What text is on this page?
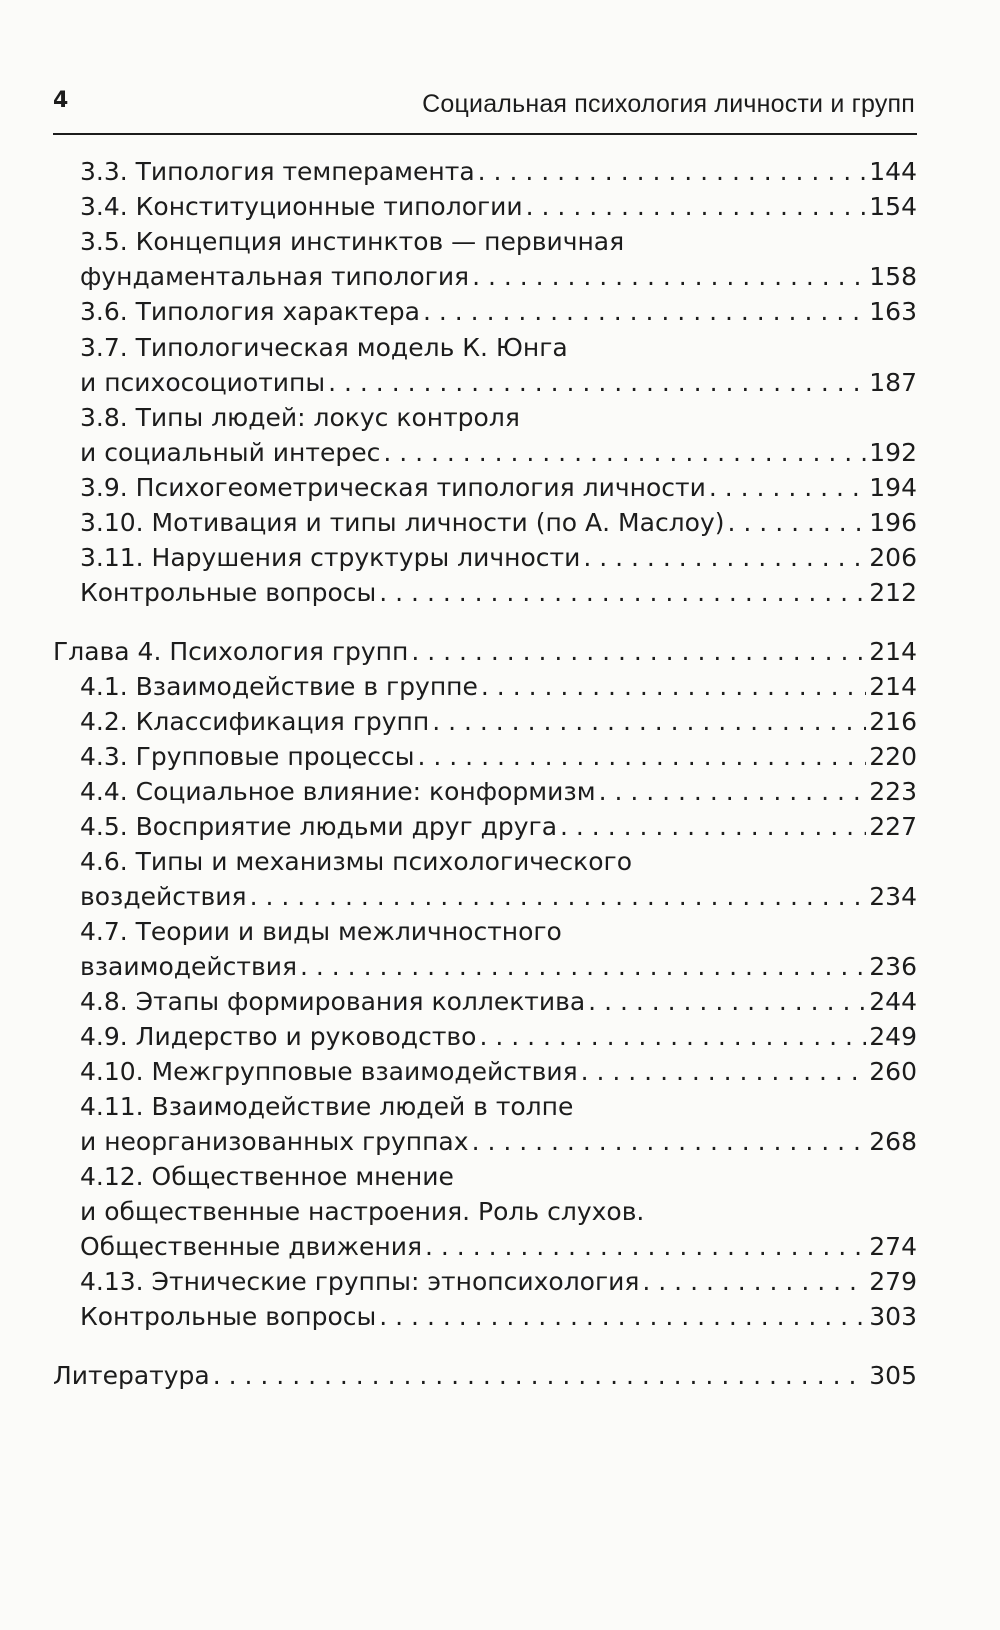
4	Социальная психология личности и групп
3.3. Типология темперамента . . .	144
3.4. Конституционные типологии . . .	154
3.5. Концепция инстинктов — первичная
фундаментальная типология . . .	158
3.6. Типология характера . . .	163
3.7. Типологическая модель К. Юнга
и психосоциотипы . . .	187
3.8. Типы людей: локус контроля
и социальный интерес . . .	192
3.9. Психогеометрическая типология личности . . .	194
3.10. Мотивация и типы личности (по А. Маслоу) . . .	196
3.11. Нарушения структуры личности . . .	206
Контрольные вопросы . . .	212
Глава 4. Психология групп . . .	214
4.1. Взаимодействие в группе . . .	214
4.2. Классификация групп . . .	216
4.3. Групповые процессы . . .	220
4.4. Социальное влияние: конформизм . . .	223
4.5. Восприятие людьми друг друга . . .	227
4.6. Типы и механизмы психологического
воздействия . . .	234
4.7. Теории и виды межличностного
взаимодействия . . .	236
4.8. Этапы формирования коллектива . . .	244
4.9. Лидерство и руководство . . .	249
4.10. Межгрупповые взаимодействия . . .	260
4.11. Взаимодействие людей в толпе
и неорганизованных группах . . .	268
4.12. Общественное мнение
и общественные настроения. Роль слухов.
Общественные движения . . .	274
4.13. Этнические группы: этнопсихология . . .	279
Контрольные вопросы . . .	303
Литература . . .	305
